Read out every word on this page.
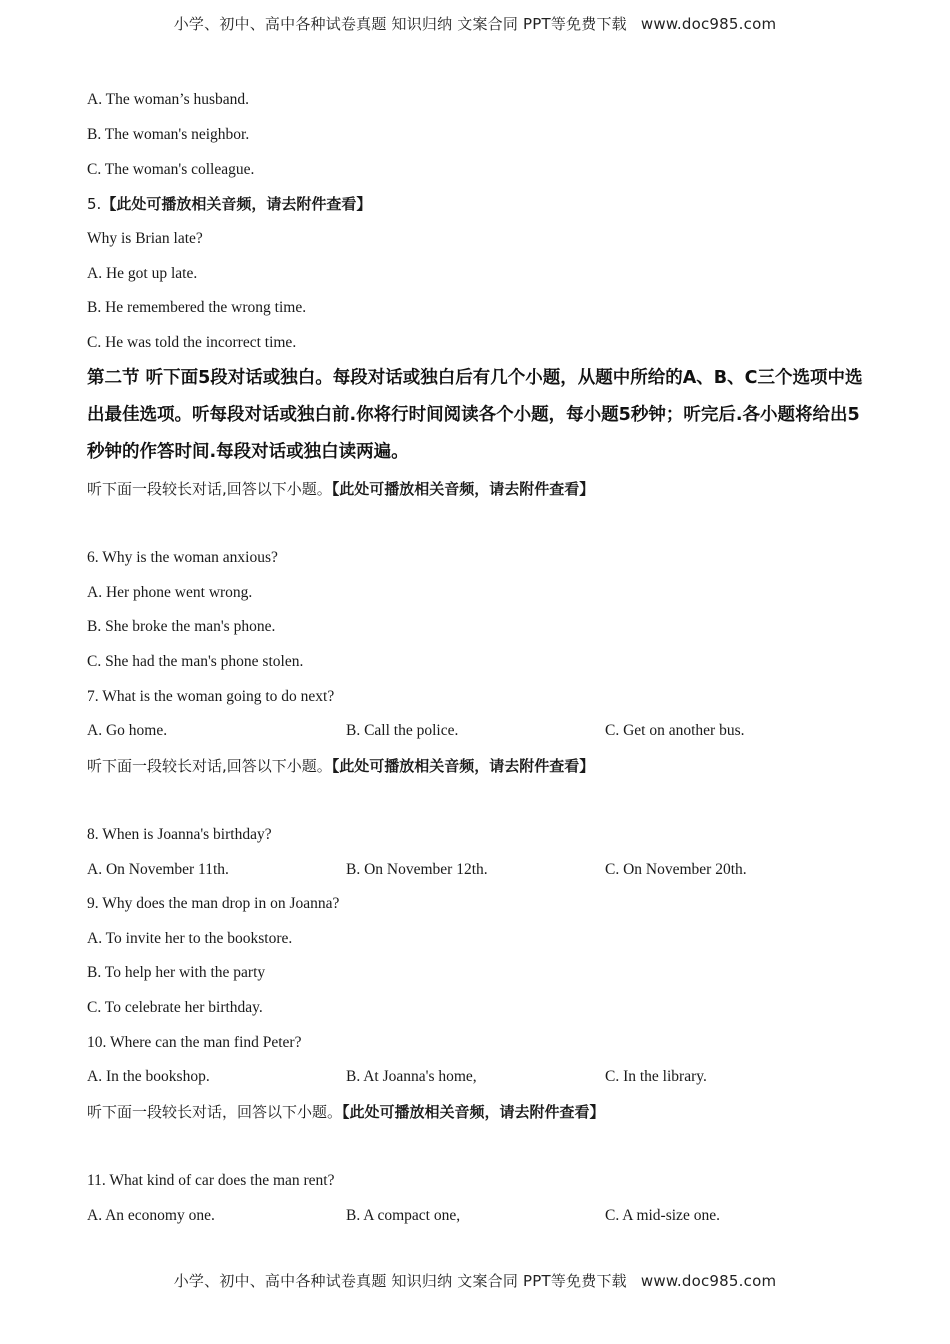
小学、初中、高中各种试卷真题 知识归纳 文案合同 PPT等免费下载 www.doc985.com
A. The woman’s husband.
B. The woman's neighbor.
C. The woman's colleague.
5.【此处可播放相关音频，请去附件查看】
Why is Brian late?
A. He got up late.
B. He remembered the wrong time.
C. He was told the incorrect time.
第二节 听下面5段对话或独白。每段对话或独白后有几个小题，从题中所给的A、B、C三个选项中选出最佳选项。听每段对话或独白前.你将行时间阅读各个小题，每小题5秒钟；听完后.各小题将给出5秒钟的作答时间.每段对话或独白读两遍。
听下面一段较长对话,回答以下小题。【此处可播放相关音频，请去附件查看】
6. Why is the woman anxious?
A. Her phone went wrong.
B. She broke the man's phone.
C. She had the man's phone stolen.
7. What is the woman going to do next?
A. Go home.	B. Call the police.	C. Get on another bus.
听下面一段较长对话,回答以下小题。【此处可播放相关音频，请去附件查看】
8. When is Joanna's birthday?
A. On November 11th.	B. On November 12th.	C. On November 20th.
9. Why does the man drop in on Joanna?
A. To invite her to the bookstore.
B. To help her with the party
C. To celebrate her birthday.
10. Where can the man find Peter?
A. In the bookshop.	B. At Joanna's home,	C. In the library.
听下面一段较长对话，回答以下小题。【此处可播放相关音频，请去附件查看】
11. What kind of car does the man rent?
A. An economy one.	B. A compact one,	C. A mid-size one.
小学、初中、高中各种试卷真题 知识归纳 文案合同 PPT等免费下载 www.doc985.com
